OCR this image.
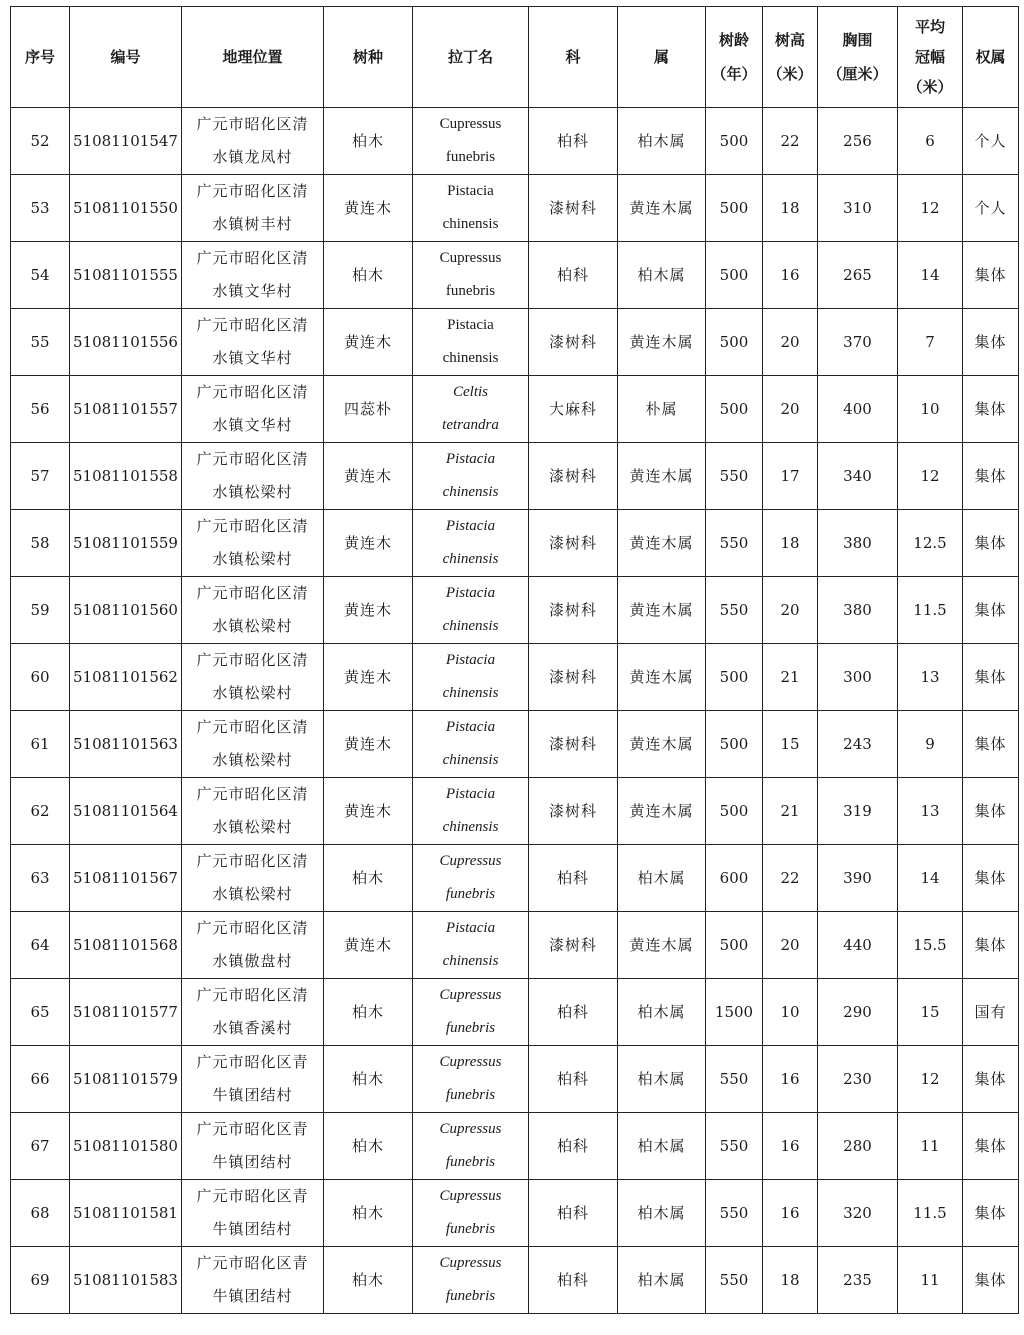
序号	编号	地理位置	树种	拉丁名	科	属	树龄
（年）	树高
（米）	胸围
（厘米）	平均
冠幅
（米）	权属
52	51081101547	广元市昭化区清
水镇龙凤村	柏木	Cupressus
funebris	柏科	柏木属	500	22	256	6	个人
53	51081101550	广元市昭化区清
水镇树丰村	黄连木	Pistacia
chinensis	漆树科	黄连木属	500	18	310	12	个人
54	51081101555	广元市昭化区清
水镇文华村	柏木	Cupressus
funebris	柏科	柏木属	500	16	265	14	集体
55	51081101556	广元市昭化区清
水镇文华村	黄连木	Pistacia
chinensis	漆树科	黄连木属	500	20	370	7	集体
56	51081101557	广元市昭化区清
水镇文华村	四蕊朴	Celtis
tetrandra	大麻科	朴属	500	20	400	10	集体
57	51081101558	广元市昭化区清
水镇松梁村	黄连木	Pistacia
chinensis	漆树科	黄连木属	550	17	340	12	集体
58	51081101559	广元市昭化区清
水镇松梁村	黄连木	Pistacia
chinensis	漆树科	黄连木属	550	18	380	12.5	集体
59	51081101560	广元市昭化区清
水镇松梁村	黄连木	Pistacia
chinensis	漆树科	黄连木属	550	20	380	11.5	集体
60	51081101562	广元市昭化区清
水镇松梁村	黄连木	Pistacia
chinensis	漆树科	黄连木属	500	21	300	13	集体
61	51081101563	广元市昭化区清
水镇松梁村	黄连木	Pistacia
chinensis	漆树科	黄连木属	500	15	243	9	集体
62	51081101564	广元市昭化区清
水镇松梁村	黄连木	Pistacia
chinensis	漆树科	黄连木属	500	21	319	13	集体
63	51081101567	广元市昭化区清
水镇松梁村	柏木	Cupressus
funebris	柏科	柏木属	600	22	390	14	集体
64	51081101568	广元市昭化区清
水镇傲盘村	黄连木	Pistacia
chinensis	漆树科	黄连木属	500	20	440	15.5	集体
65	51081101577	广元市昭化区清
水镇香溪村	柏木	Cupressus
funebris	柏科	柏木属	1500	10	290	15	国有
66	51081101579	广元市昭化区青
牛镇团结村	柏木	Cupressus
funebris	柏科	柏木属	550	16	230	12	集体
67	51081101580	广元市昭化区青
牛镇团结村	柏木	Cupressus
funebris	柏科	柏木属	550	16	280	11	集体
68	51081101581	广元市昭化区青
牛镇团结村	柏木	Cupressus
funebris	柏科	柏木属	550	16	320	11.5	集体
69	51081101583	广元市昭化区青
牛镇团结村	柏木	Cupressus
funebris	柏科	柏木属	550	18	235	11	集体
